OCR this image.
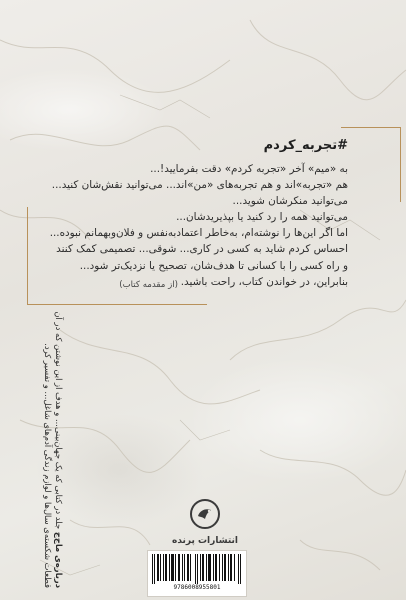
#تجربه_کردم

به «میم» آخر «تجربه کردم» دقت بفرمایید!...

هم «تجربه»اند و هم تجربه‌های «من»اند... می‌توانید نقش‌شان کنید...

می‌توانید منکرشان شوید...

می‌توانید همه را رد کنید یا بپذیریدشان...

اما اگر این‌ها را نوشته‌ام، به‌خاطر اعتمادبه‌نفس و فلان‌وبهمانم نبوده...

احساس کردم شاید به کسی در کاری... شوقی... تصمیمی کمک کنند

و راه کسی را با کسانی تا هدف‌شان، تصحیح یا نزدیک‌تر شود...

بنابراین، در خواندن کتاب، راحت باشید.

(از مقدمه کتاب)
درباره‌ی ما‌ج‌ج جلد در کتابی که یک جهان‌بینی... و هدف از این نوشتن که در آن‌
قطعات شکسته‌ی سال‌ها و لوازم زندگی آدم‌های شاغل... و تفسیر کرد.	انتشارات پرنده
9786008955801
